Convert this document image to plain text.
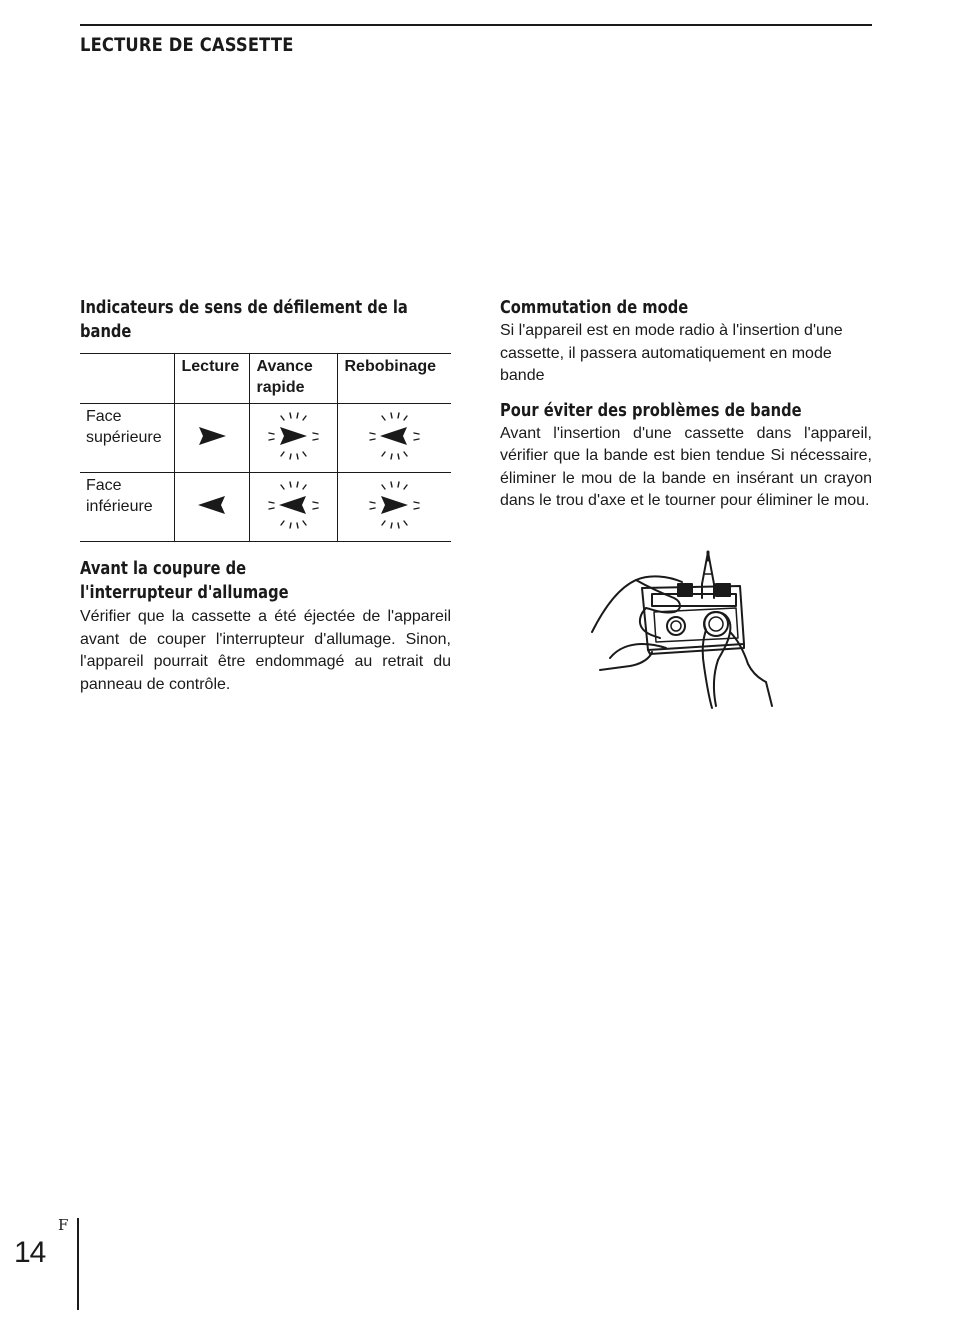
LECTURE DE CASSETTE
Indicateurs de sens de défilement de la bande
	Lecture	Avance rapide	Rebobinage
Face supérieure	

Face inférieure	

Avant la coupure de l'interrupteur d'allumage

Vérifier que la cassette a été éjectée de l'appareil avant de couper l'interrupteur d'allumage. Sinon, l'appareil pourrait être endommagé au retrait du panneau de contrôle.

Commutation de mode

Si l'appareil est en mode radio à l'insertion d'une cassette, il passera automatiquement en mode bande

Pour éviter des problèmes de bande

Avant l'insertion d'une cassette dans l'appareil, vérifier que la bande est bien tendue Si nécessaire, éliminer le mou de la bande en insérant un crayon dans le trou d'axe et le tourner pour éliminer le mou.

F

14
